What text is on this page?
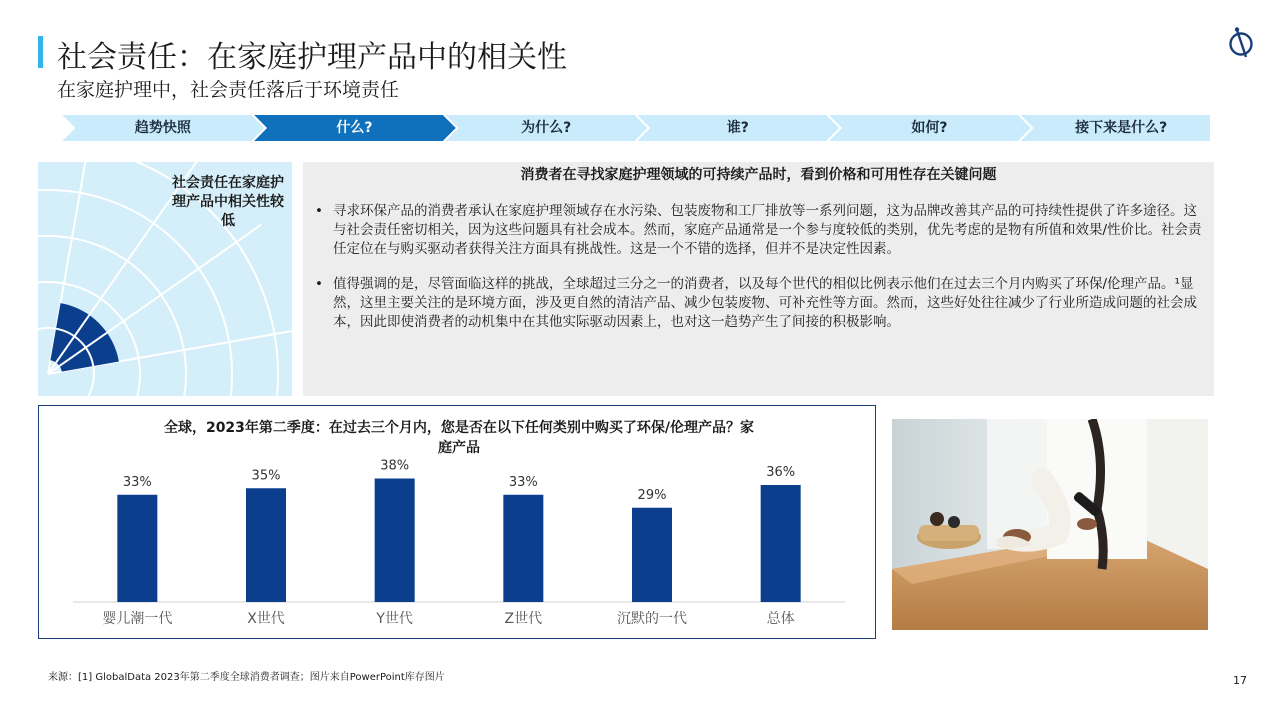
社会责任：在家庭护理产品中的相关性
在家庭护理中，社会责任落后于环境责任
趋势快照	什么?	为什么?	谁?	如何?	接下来是什么?
社会责任在家庭护理产品中相关性较低
消费者在寻找家庭护理领域的可持续产品时，看到价格和可用性存在关键问题
• 寻求环保产品的消费者承认在家庭护理领域存在水污染、包装废物和工厂排放等一系列问题，这为品牌改善其产品的可持续性提供了许多途径。这与社会责任密切相关，因为这些问题具有社会成本。然而，家庭产品通常是一个参与度较低的类别，优先考虑的是物有所值和效果/性价比。社会责任定位在与购买驱动者获得关注方面具有挑战性。这是一个不错的选择，但并不是决定性因素。
• 值得强调的是，尽管面临这样的挑战，全球超过三分之一的消费者，以及每个世代的相似比例表示他们在过去三个月内购买了环保/伦理产品。¹显然，这里主要关注的是环境方面，涉及更自然的清洁产品、减少包装废物、可补充性等方面。然而，这些好处往往减少了行业所造成问题的社会成本，因此即使消费者的动机集中在其他实际驱动因素上，也对这一趋势产生了间接的积极影响。
全球，2023年第二季度：在过去三个月内，您是否在以下任何类别中购买了环保/伦理产品？家庭产品
33%
婴儿潮一代
35%
X世代
38%
Y世代
33%
Z世代
29%
沉默的一代
36%
总体
来源：[1] GlobalData 2023年第二季度全球消费者调查；图片来自PowerPoint库存图片	17
